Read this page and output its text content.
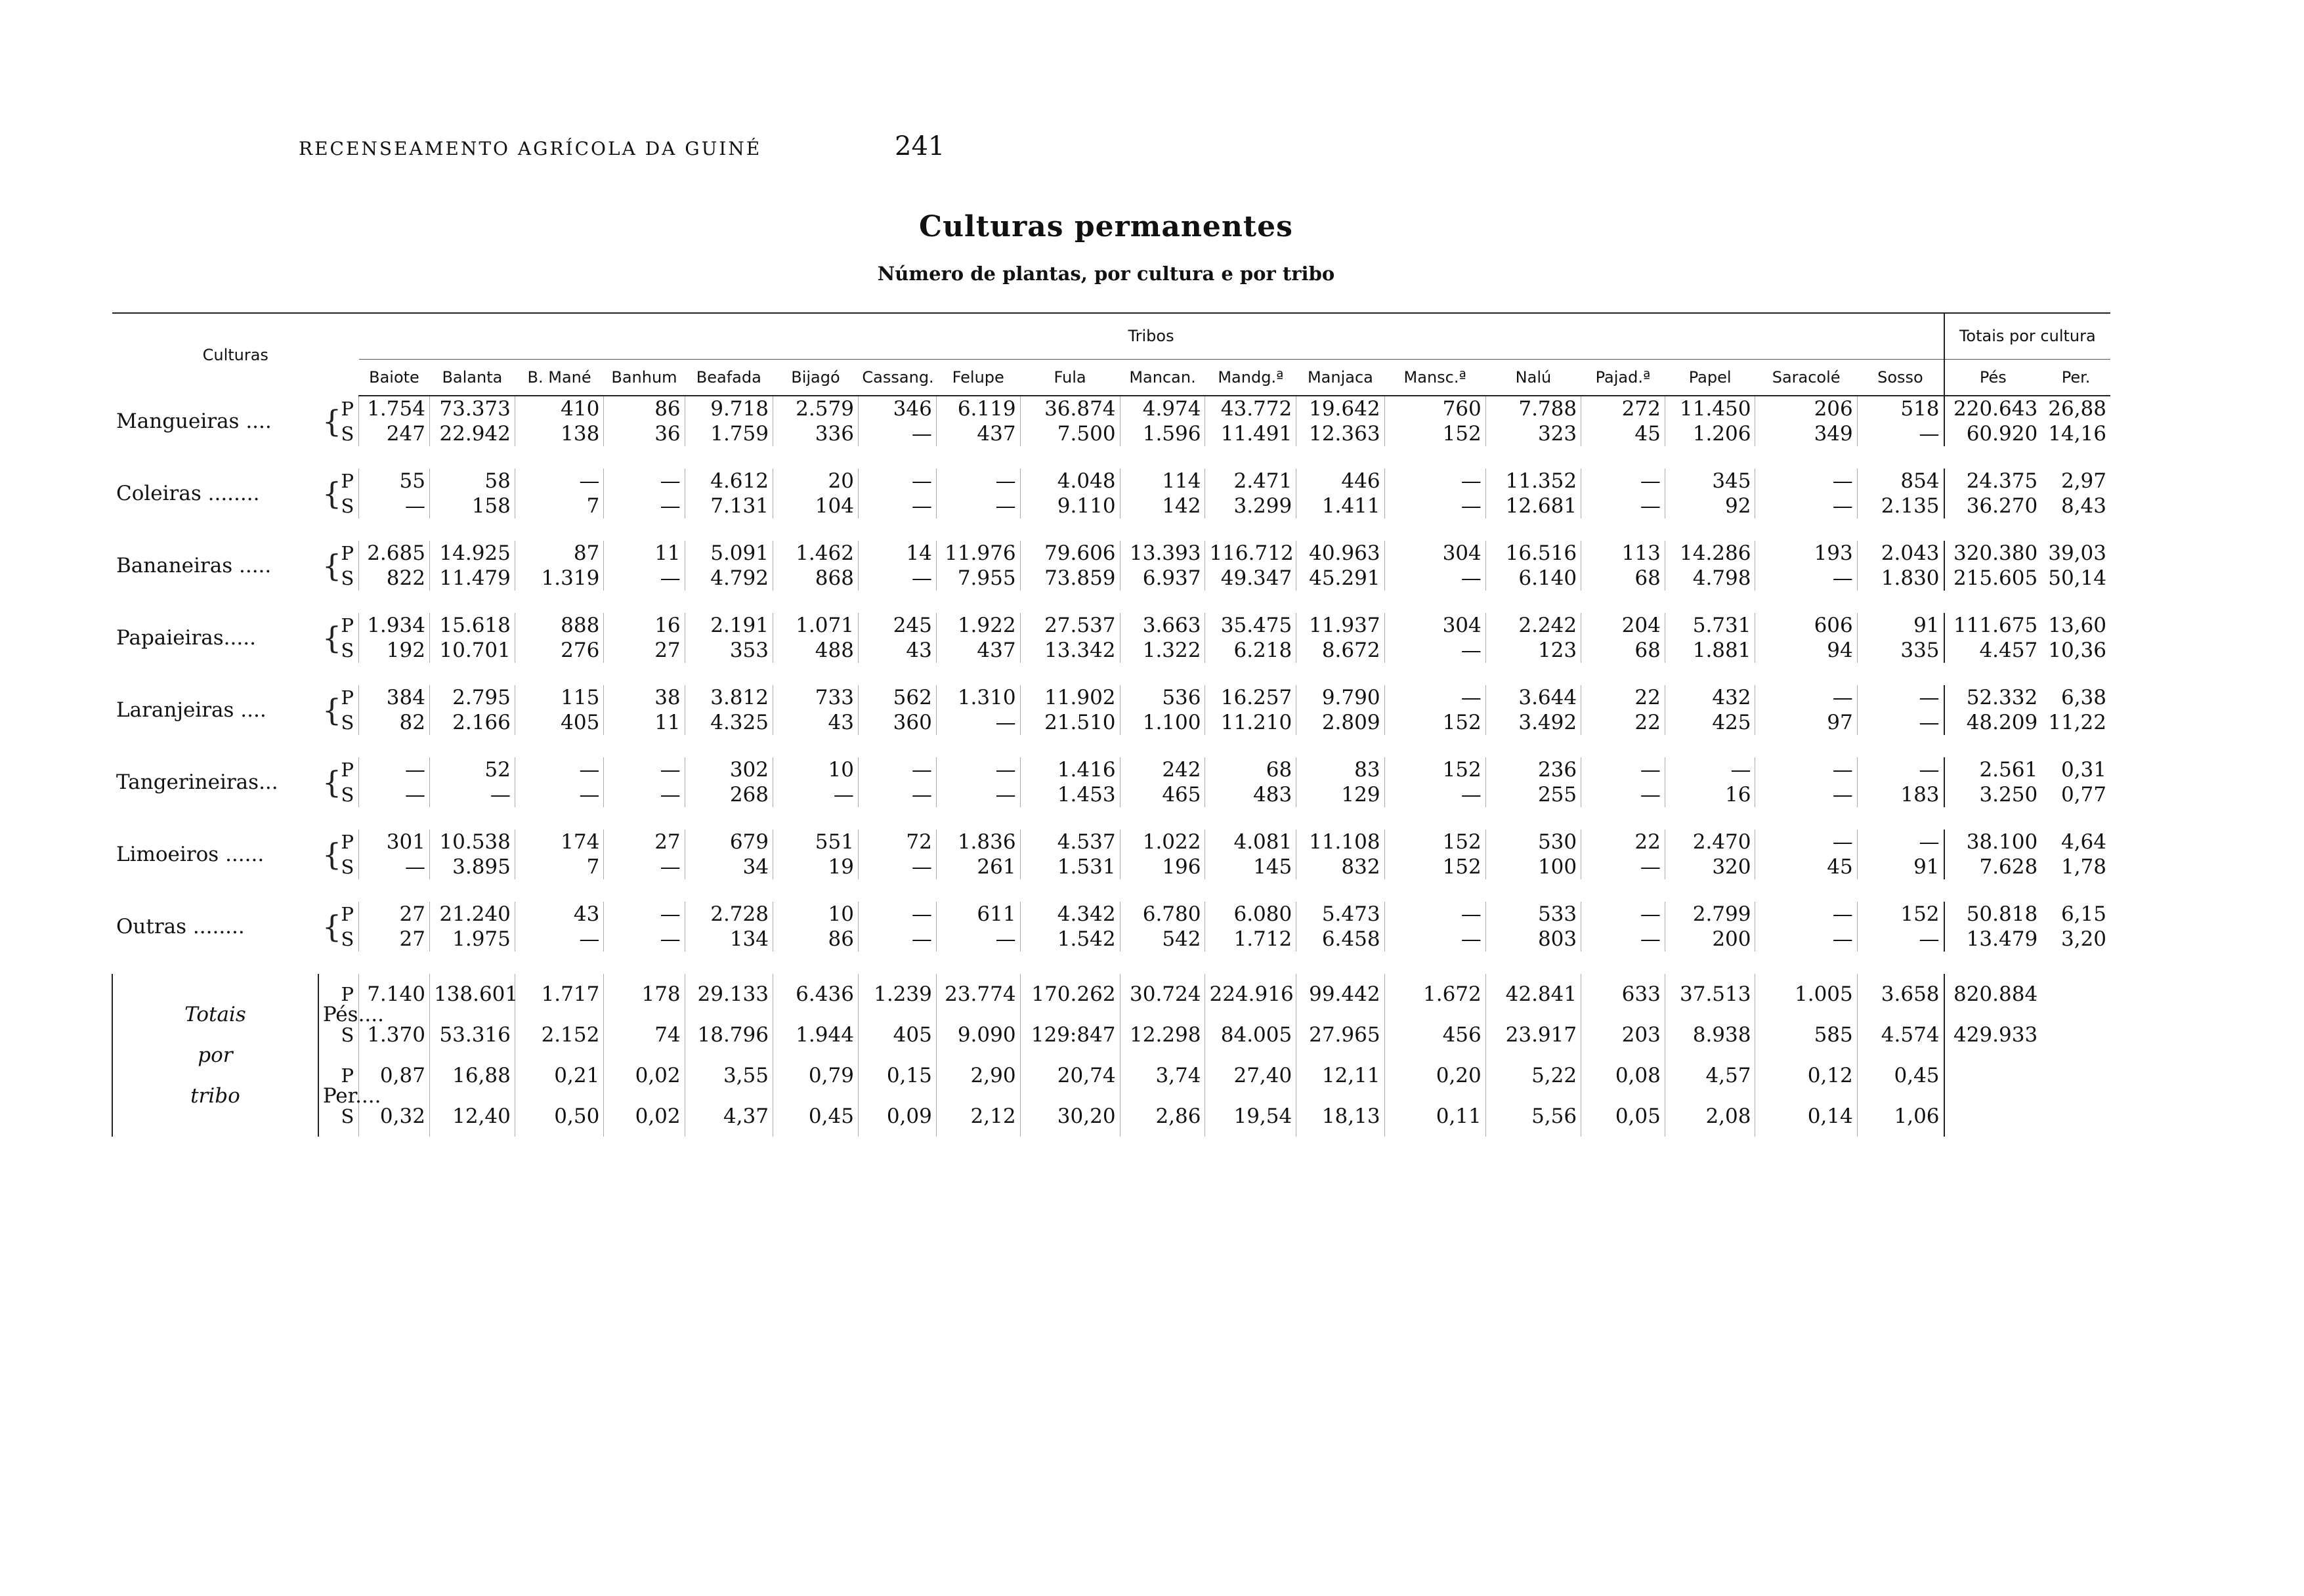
RECENSEAMENTO AGRÍCOLA DA GUINÉ	241
Culturas permanentes
Número de plantas, por cultura e por tribo
Culturas			Tribos																		Totais por cultura	
			Baiote	Balanta	B. Mané	Banhum	Beafada	Bijagó	Cassang.	Felupe	Fula	Mancan.	Mandg.ª	Manjaca	Mansc.ª	Nalú	Pajad.ª	Papel	Saracolé	Sosso	Pés	Per.
Mangueiras ....	{	P	1.754	73.373	410	86	9.718	2.579	346	6.119	36.874	4.974	43.772	19.642	760	7.788	272	11.450	206	518	220.643	26,88
		S	247	22.942	138	36	1.759	336	—	437	7.500	1.596	11.491	12.363	152	323	45	1.206	349	—	60.920	14,16

Coleiras ........	{	P	55	58	—	—	4.612	20	—	—	4.048	114	2.471	446	—	11.352	—	345	—	854	24.375	2,97
		S	—	158	7	—	7.131	104	—	—	9.110	142	3.299	1.411	—	12.681	—	92	—	2.135	36.270	8,43

Bananeiras .....	{	P	2.685	14.925	87	11	5.091	1.462	14	11.976	79.606	13.393	116.712	40.963	304	16.516	113	14.286	193	2.043	320.380	39,03
		S	822	11.479	1.319	—	4.792	868	—	7.955	73.859	6.937	49.347	45.291	—	6.140	68	4.798	—	1.830	215.605	50,14

Papaieiras.....	{	P	1.934	15.618	888	16	2.191	1.071	245	1.922	27.537	3.663	35.475	11.937	304	2.242	204	5.731	606	91	111.675	13,60
		S	192	10.701	276	27	353	488	43	437	13.342	1.322	6.218	8.672	—	123	68	1.881	94	335	4.457	10,36

Laranjeiras ....	{	P	384	2.795	115	38	3.812	733	562	1.310	11.902	536	16.257	9.790	—	3.644	22	432	—	—	52.332	6,38
		S	82	2.166	405	11	4.325	43	360	—	21.510	1.100	11.210	2.809	152	3.492	22	425	97	—	48.209	11,22

Tangerineiras...	{	P	—	52	—	—	302	10	—	—	1.416	242	68	83	152	236	—	—	—	—	2.561	0,31
		S	—	—	—	—	268	—	—	—	1.453	465	483	129	—	255	—	16	—	183	3.250	0,77

Limoeiros ......	{	P	301	10.538	174	27	679	551	72	1.836	4.537	1.022	4.081	11.108	152	530	22	2.470	—	—	38.100	4,64
		S	—	3.895	7	—	34	19	—	261	1.531	196	145	832	152	100	—	320	45	91	7.628	1,78

Outras ........	{	P	27	21.240	43	—	2.728	10	—	611	4.342	6.780	6.080	5.473	—	533	—	2.799	—	152	50.818	6,15
		S	27	1.975	—	—	134	86	—	—	1.542	542	1.712	6.458	—	803	—	200	—	—	13.479	3,20

Totais
por
tribo	Pés....	P	7.140	138.601	1.717	178	29.133	6.436	1.239	23.774	170.262	30.724	224.916	99.442	1.672	42.841	633	37.513	1.005	3.658	820.884	
		S	1.370	53.316	2.152	74	18.796	1.944	405	9.090	129:847	12.298	84.005	27.965	456	23.917	203	8.938	585	4.574	429.933	
	Per....	P	0,87	16,88	0,21	0,02	3,55	0,79	0,15	2,90	20,74	3,74	27,40	12,11	0,20	5,22	0,08	4,57	0,12	0,45		
		S	0,32	12,40	0,50	0,02	4,37	0,45	0,09	2,12	30,20	2,86	19,54	18,13	0,11	5,56	0,05	2,08	0,14	1,06		
